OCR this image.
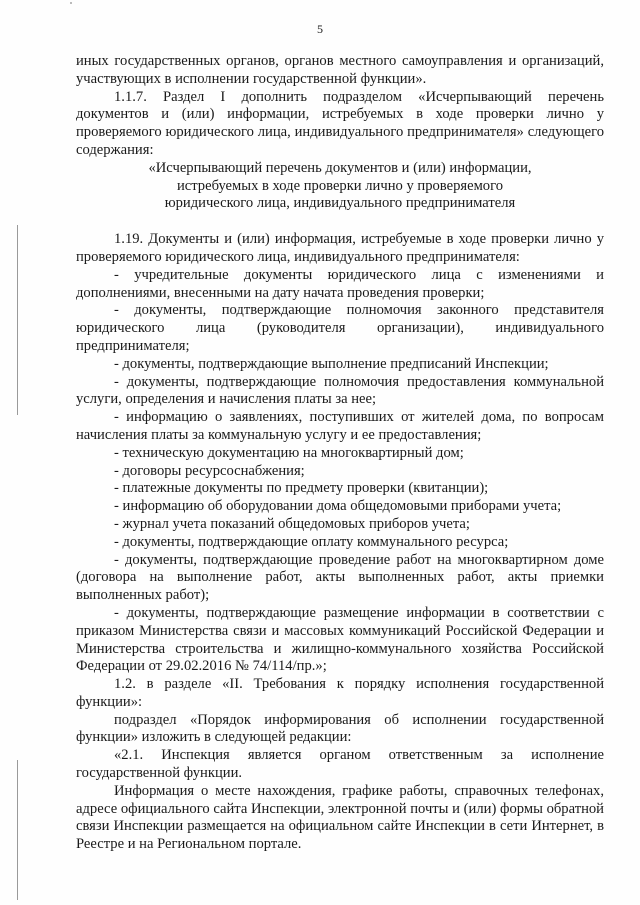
5

иных государственных органов, органов местного самоуправления и организаций, участвующих в исполнении государственной функции».

1.1.7. Раздел I дополнить подразделом «Исчерпывающий перечень документов и (или) информации, истребуемых в ходе проверки лично у проверяемого юридического лица, индивидуального предпринимателя» следующего содержания:

«Исчерпывающий перечень документов и (или) информации, истребуемых в ходе проверки лично у проверяемого юридического лица, индивидуального предпринимателя

1.19. Документы и (или) информация, истребуемые в ходе проверки лично у проверяемого юридического лица, индивидуального предпринимателя:

- учредительные документы юридического лица с изменениями и дополнениями, внесенными на дату начата проведения проверки;

- документы, подтверждающие полномочия законного представителя юридического лица (руководителя организации), индивидуального предпринимателя;

- документы, подтверждающие выполнение предписаний Инспекции;

- документы, подтверждающие полномочия предоставления коммунальной услуги, определения и начисления платы за нее;

- информацию о заявлениях, поступивших от жителей дома, по вопросам начисления платы за коммунальную услугу и ее предоставления;

- техническую документацию на многоквартирный дом;

- договоры ресурсоснабжения;

- платежные документы по предмету проверки (квитанции);

- информацию об оборудовании дома общедомовыми приборами учета;

- журнал учета показаний общедомовых приборов учета;

- документы, подтверждающие оплату коммунального ресурса;

- документы, подтверждающие проведение работ на многоквартирном доме (договора на выполнение работ, акты выполненных работ, акты приемки выполненных работ);

- документы, подтверждающие размещение информации в соответствии с приказом Министерства связи и массовых коммуникаций Российской Федерации и Министерства строительства и жилищно-коммунального хозяйства Российской Федерации от 29.02.2016 № 74/114/пр.»;

1.2. в разделе «II. Требования к порядку исполнения государственной функции»:

подраздел «Порядок информирования об исполнении государственной функции» изложить в следующей редакции:

«2.1. Инспекция является органом ответственным за исполнение государственной функции.

Информация о месте нахождения, графике работы, справочных телефонах, адресе официального сайта Инспекции, электронной почты и (или) формы обратной связи Инспекции размещается на официальном сайте Инспекции в сети Интернет, в Реестре и на Региональном портале.
